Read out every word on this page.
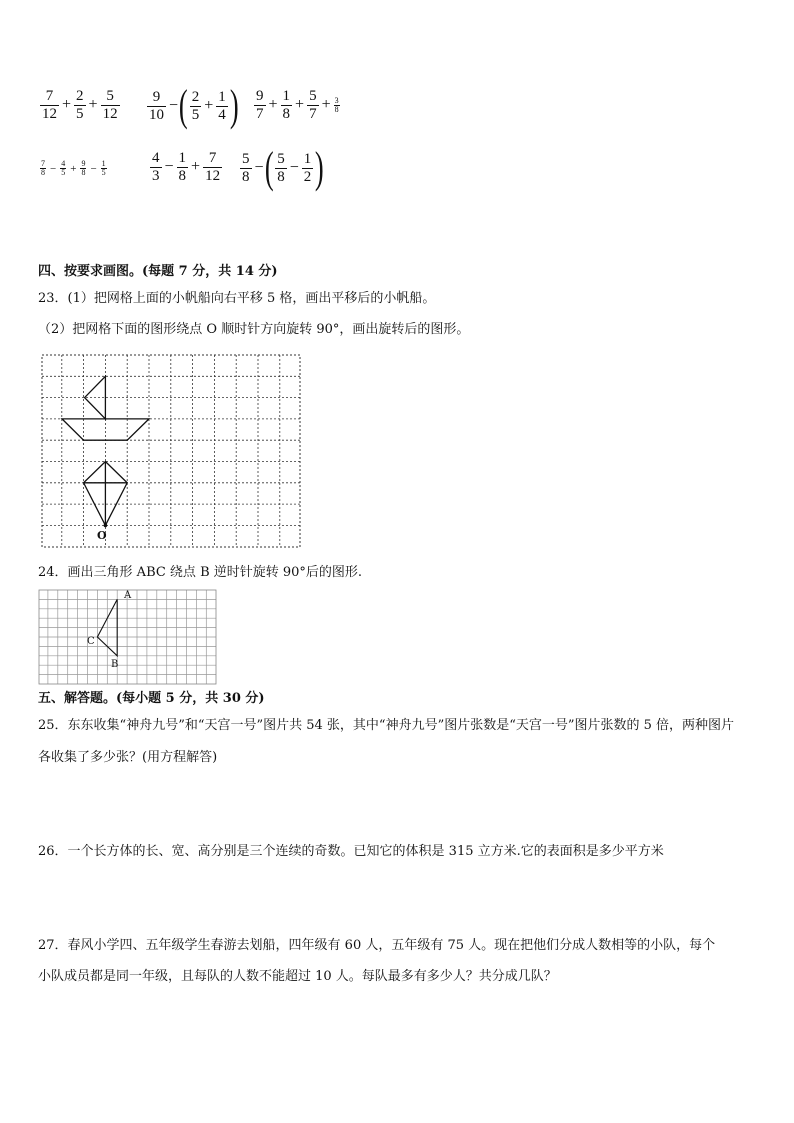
$\frac{7}{12} + \frac{2}{5} + \frac{5}{12} \frac{9}{10}$ − ( $\frac{2}{5} + \frac{1}{4}$ ) $\frac{9}{7} + \frac{1}{8} + \frac{5}{7} + \frac{3}{8}$
$\frac{7}{8} - \frac{4}{5} + \frac{9}{8} - \frac{1}{5}$	$\frac{4}{3} - \frac{1}{8} + \frac{7}{12} \frac{5}{8}$ − ( $\frac{5}{8} - \frac{1}{2}$ )
四、按要求画图。(每题 7 分，共 14 分)
23．(1）把网格上面的小帆船向右平移 5 格，画出平移后的小帆船。
（2）把网格下面的图形绕点 O 顺时针方向旋转 90°，画出旋转后的图形。
O
24．画出三角形 ABC 绕点 B 逆时针旋转 90°后的图形.
A
C
B
五、解答题。(每小题 5 分，共 30 分)
25．东东收集“神舟九号”和“天宫一号”图片共 54 张，其中“神舟九号”图片张数是“天宫一号”图片张数的 5 倍，两种图片
各收集了多少张？(用方程解答)
26．一个长方体的长、宽、高分别是三个连续的奇数。已知它的体积是 315 立方米.它的表面积是多少平方米
27．春风小学四、五年级学生春游去划船，四年级有 60 人，五年级有 75 人。现在把他们分成人数相等的小队，每个
小队成员都是同一年级，且每队的人数不能超过 10 人。每队最多有多少人？共分成几队？
